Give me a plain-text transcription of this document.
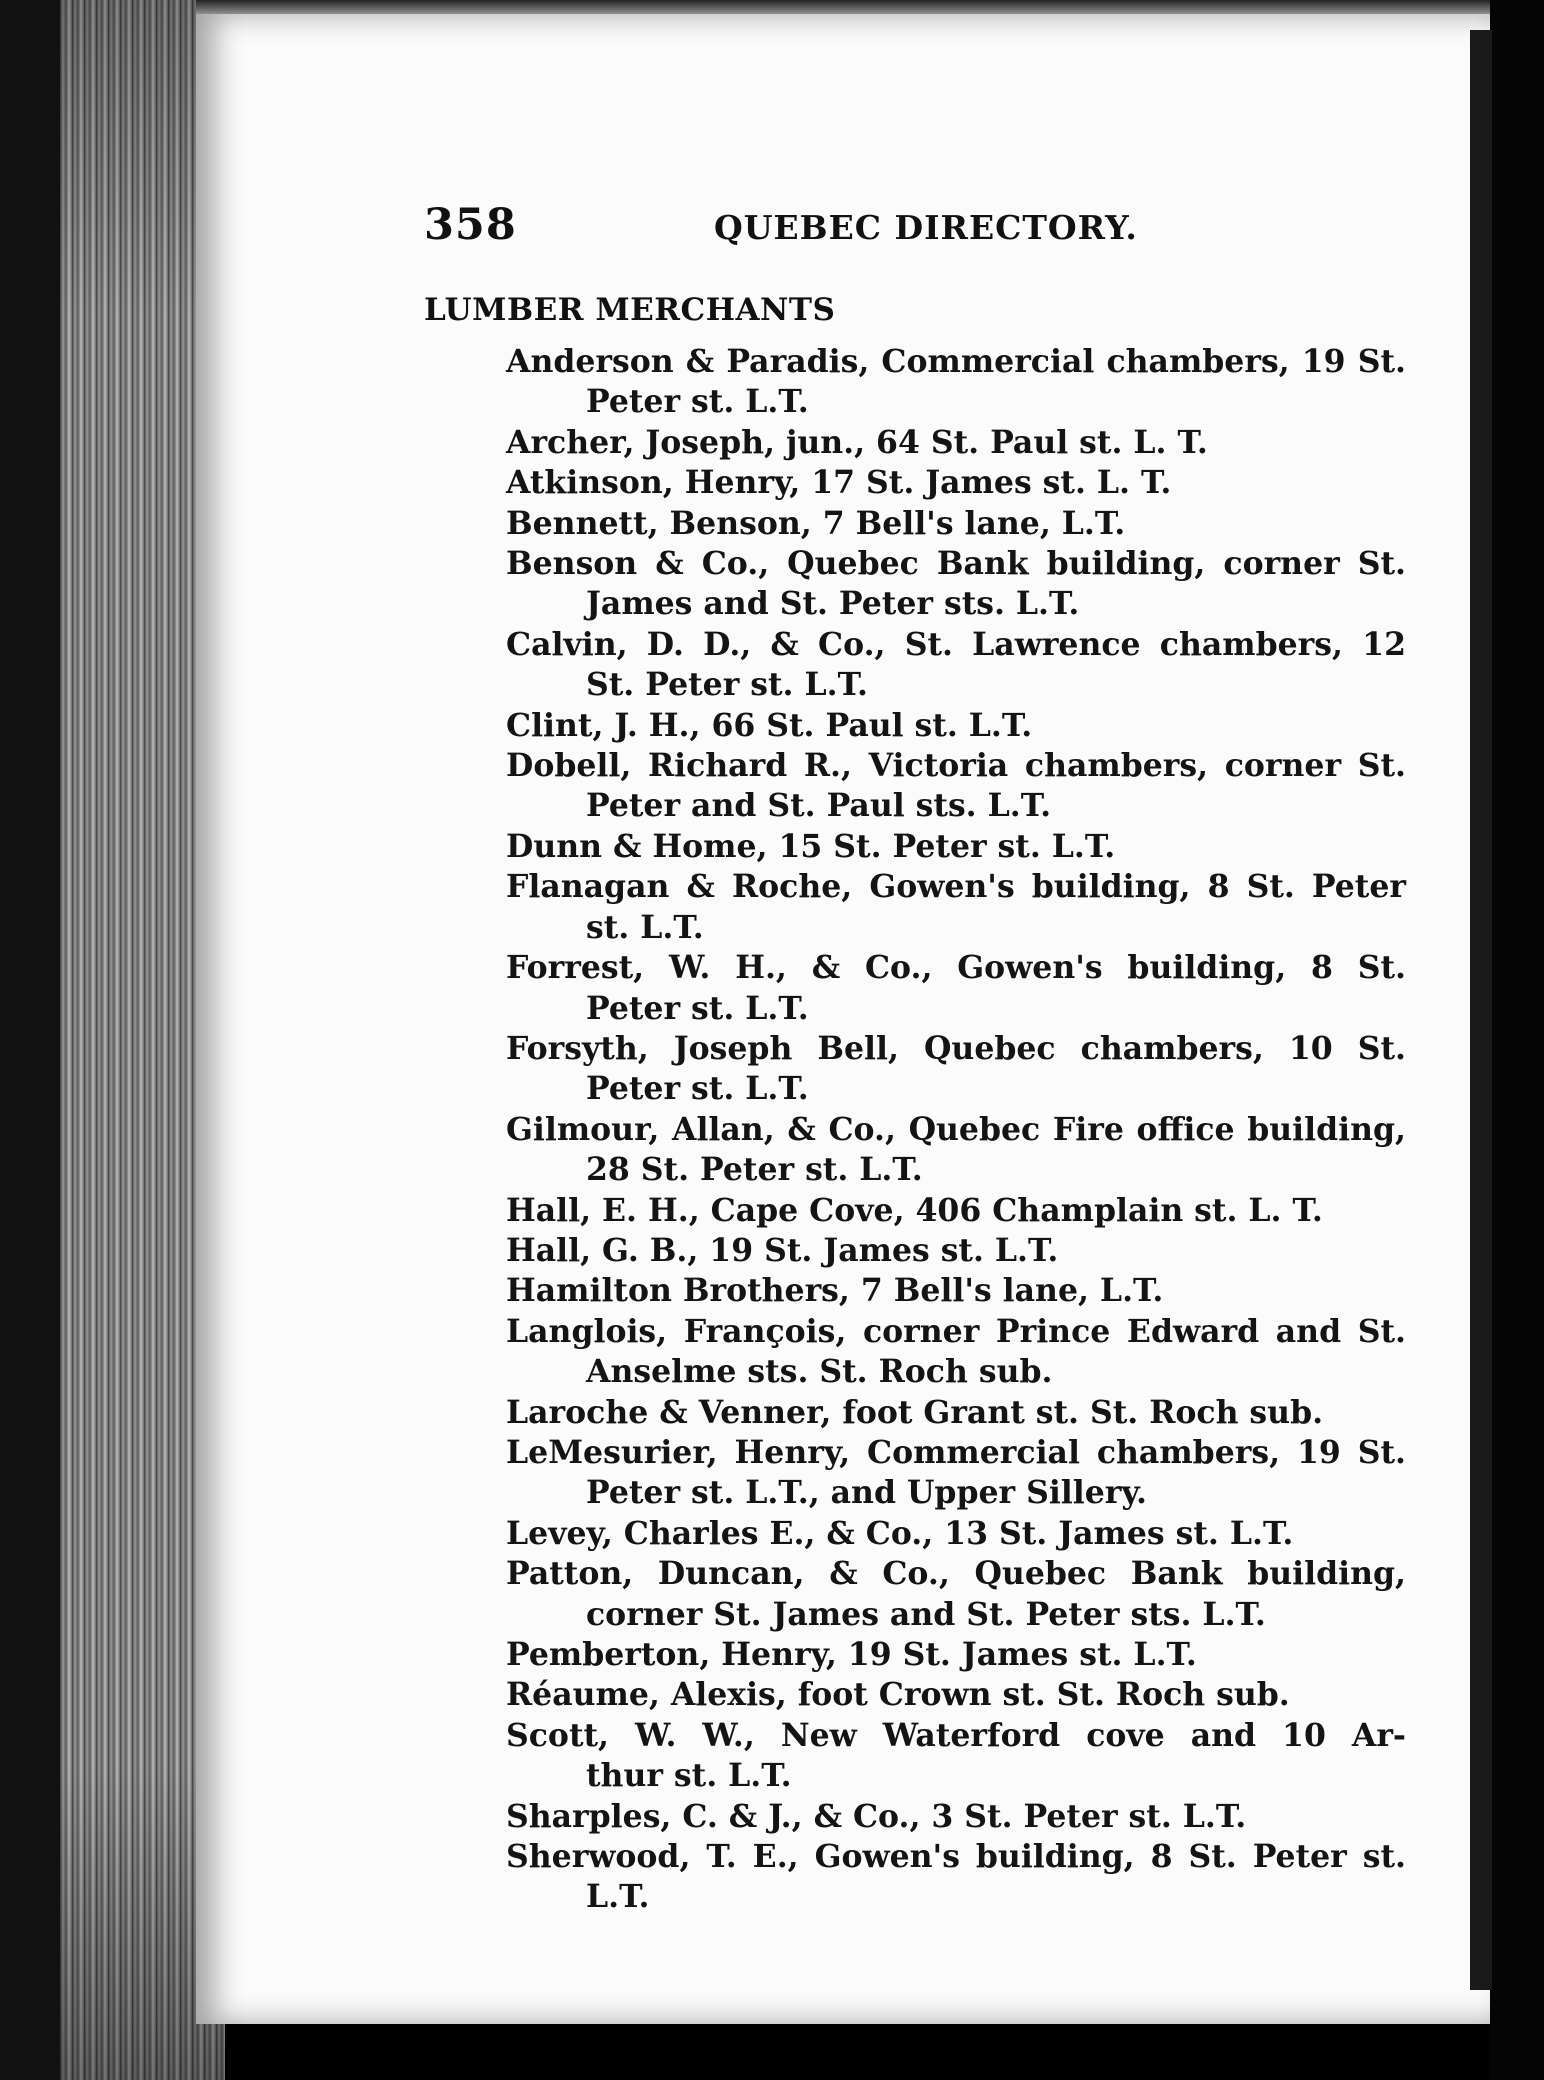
358	QUEBEC DIRECTORY.
LUMBER MERCHANTS
Anderson & Paradis, Commercial chambers, 19 St.
Peter st. L.T.
Archer, Joseph, jun., 64 St. Paul st. L. T.
Atkinson, Henry, 17 St. James st. L. T.
Bennett, Benson, 7 Bell's lane, L.T.
Benson & Co., Quebec Bank building, corner St.
James and St. Peter sts. L.T.
Calvin, D. D., & Co., St. Lawrence chambers, 12
St. Peter st. L.T.
Clint, J. H., 66 St. Paul st. L.T.
Dobell, Richard R., Victoria chambers, corner St.
Peter and St. Paul sts. L.T.
Dunn & Home, 15 St. Peter st. L.T.
Flanagan & Roche, Gowen's building, 8 St. Peter
st. L.T.
Forrest, W. H., & Co., Gowen's building, 8 St.
Peter st. L.T.
Forsyth, Joseph Bell, Quebec chambers, 10 St.
Peter st. L.T.
Gilmour, Allan, & Co., Quebec Fire office building,
28 St. Peter st. L.T.
Hall, E. H., Cape Cove, 406 Champlain st. L. T.
Hall, G. B., 19 St. James st. L.T.
Hamilton Brothers, 7 Bell's lane, L.T.
Langlois, François, corner Prince Edward and St.
Anselme sts. St. Roch sub.
Laroche & Venner, foot Grant st. St. Roch sub.
LeMesurier, Henry, Commercial chambers, 19 St.
Peter st. L.T., and Upper Sillery.
Levey, Charles E., & Co., 13 St. James st. L.T.
Patton, Duncan, & Co., Quebec Bank building,
corner St. James and St. Peter sts. L.T.
Pemberton, Henry, 19 St. James st. L.T.
Réaume, Alexis, foot Crown st. St. Roch sub.
Scott, W. W., New Waterford cove and 10 Ar-
thur st. L.T.
Sharples, C. & J., & Co., 3 St. Peter st. L.T.
Sherwood, T. E., Gowen's building, 8 St. Peter st.
L.T.
